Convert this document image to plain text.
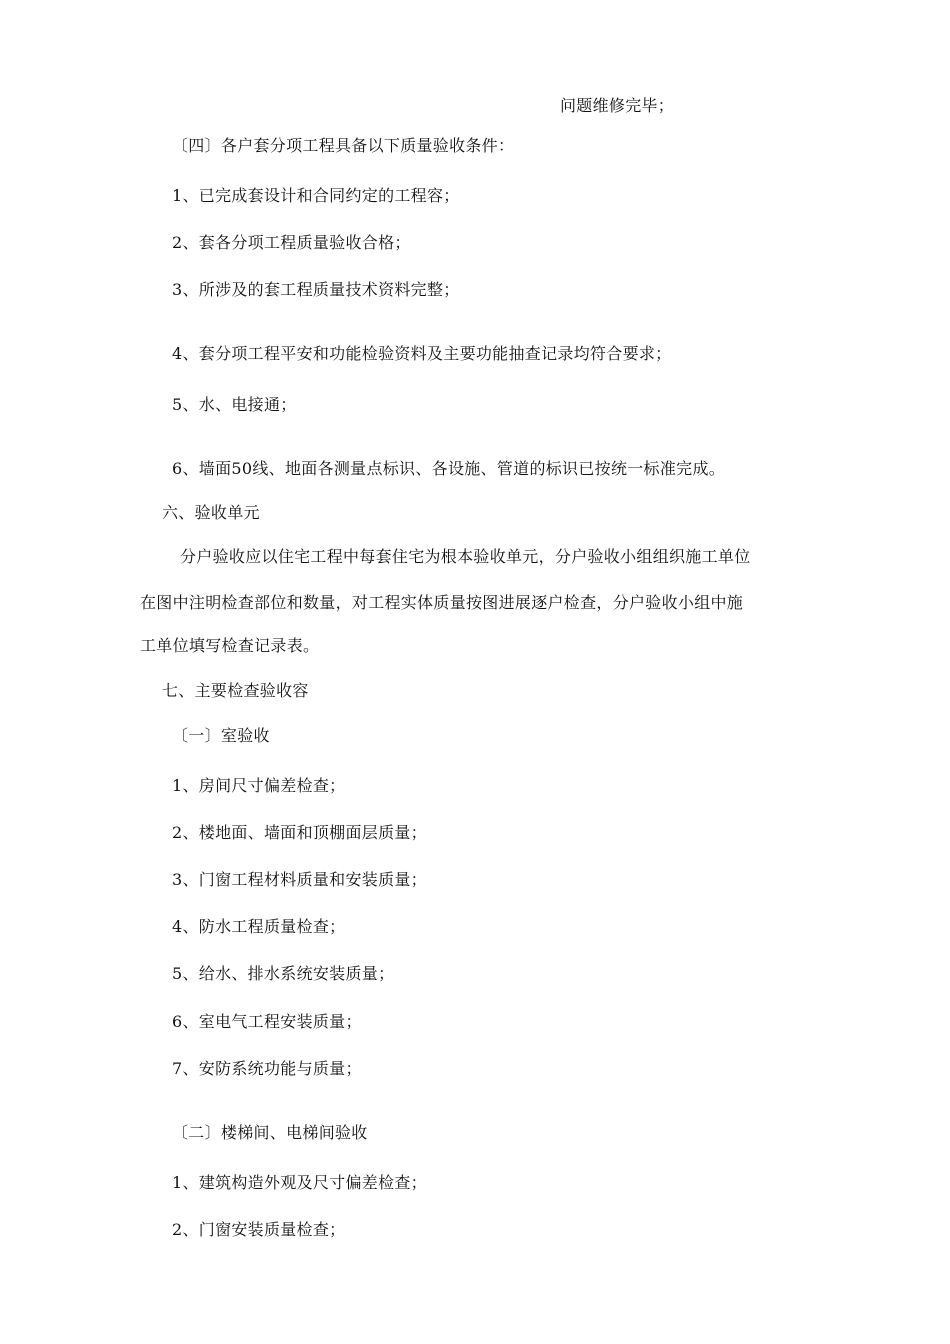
问题维修完毕；
〔四〕各户套分项工程具备以下质量验收条件：
1、已完成套设计和合同约定的工程容；
2、套各分项工程质量验收合格；
3、所涉及的套工程质量技术资料完整；
4、套分项工程平安和功能检验资料及主要功能抽查记录均符合要求；
5、水、电接通；
6、墙面50线、地面各测量点标识、各设施、管道的标识已按统一标准完成。
六、验收单元
分户验收应以住宅工程中每套住宅为根本验收单元，分户验收小组组织施工单位
在图中注明检查部位和数量，对工程实体质量按图进展逐户检查，分户验收小组中施
工单位填写检查记录表。
七、主要检查验收容
〔一〕室验收
1、房间尺寸偏差检查；
2、楼地面、墙面和顶棚面层质量；
3、门窗工程材料质量和安装质量；
4、防水工程质量检查；
5、给水、排水系统安装质量；
6、室电气工程安装质量；
7、安防系统功能与质量；
〔二〕楼梯间、电梯间验收
1、建筑构造外观及尺寸偏差检查；
2、门窗安装质量检查；
